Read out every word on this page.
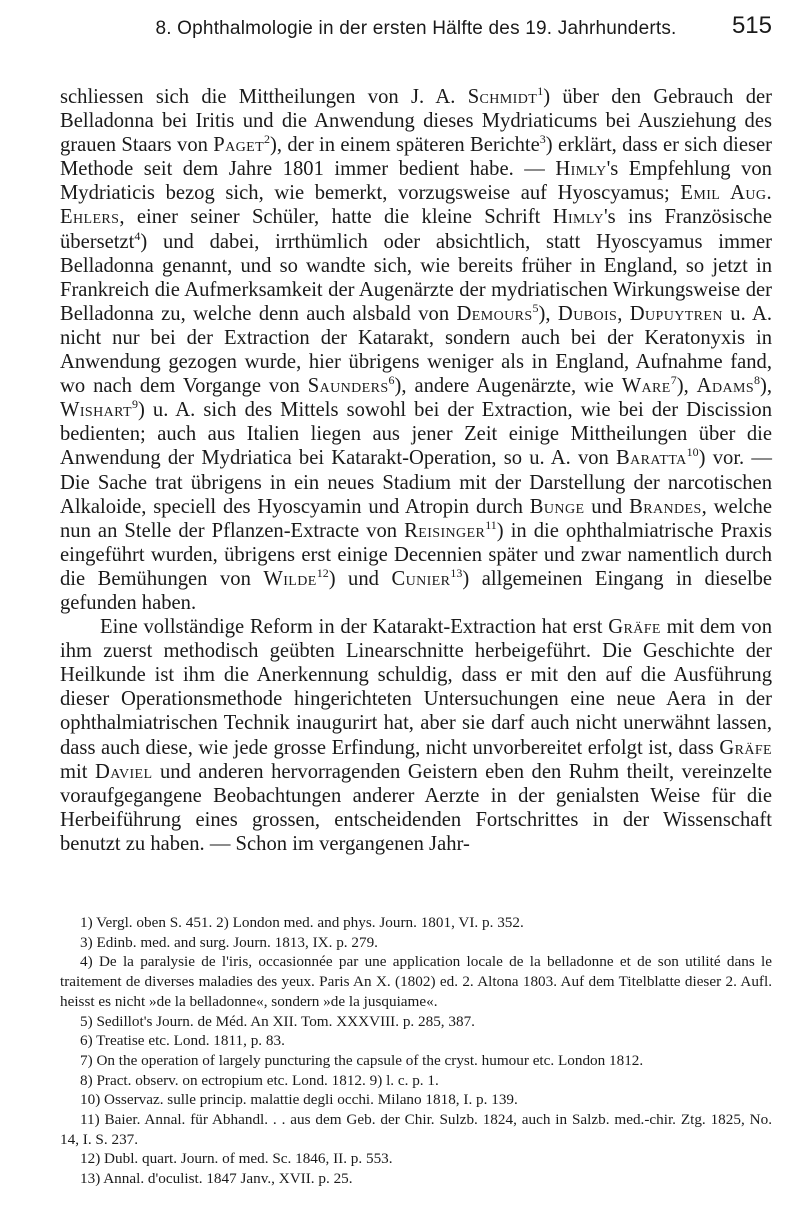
8. Ophthalmologie in der ersten Hälfte des 19. Jahrhunderts.	515

schliessen sich die Mittheilungen von J. A. Schmidt$^1$) über den Gebrauch der Belladonna bei Iritis und die Anwendung dieses Mydriaticums bei Ausziehung des grauen Staars von Paget$^2$), der in einem späteren Berichte$^3$) erklärt, dass er sich dieser Methode seit dem Jahre 1801 immer bedient habe. — Himly's Empfehlung von Mydriaticis bezog sich, wie bemerkt, vorzugsweise auf Hyoscyamus; Emil Aug. Ehlers, einer seiner Schüler, hatte die kleine Schrift Himly's ins Französische übersetzt$^4$) und dabei, irrthümlich oder absichtlich, statt Hyoscyamus immer Belladonna genannt, und so wandte sich, wie bereits früher in England, so jetzt in Frankreich die Aufmerksamkeit der Augenärzte der mydriatischen Wirkungsweise der Belladonna zu, welche denn auch alsbald von Demours$^5$), Dubois, Dupuytren u. A. nicht nur bei der Extraction der Katarakt, sondern auch bei der Keratonyxis in Anwendung gezogen wurde, hier übrigens weniger als in England, Aufnahme fand, wo nach dem Vorgange von Saunders$^6$), andere Augenärzte, wie Ware$^7$), Adams$^8$), Wishart$^9$) u. A. sich des Mittels sowohl bei der Extraction, wie bei der Discission bedienten; auch aus Italien liegen aus jener Zeit einige Mittheilungen über die Anwendung der Mydriatica bei Katarakt-Operation, so u. A. von Baratta$^{10}$) vor. — Die Sache trat übrigens in ein neues Stadium mit der Darstellung der narcotischen Alkaloide, speciell des Hyoscyamin und Atropin durch Bunge und Brandes, welche nun an Stelle der Pflanzen-Extracte von Reisinger$^{11}$) in die ophthalmiatrische Praxis eingeführt wurden, übrigens erst einige Decennien später und zwar namentlich durch die Bemühungen von Wilde$^{12}$) und Cunier$^{13}$) allgemeinen Eingang in dieselbe gefunden haben.

Eine vollständige Reform in der Katarakt-Extraction hat erst Gräfe mit dem von ihm zuerst methodisch geübten Linearschnitte herbeigeführt. Die Geschichte der Heilkunde ist ihm die Anerkennung schuldig, dass er mit den auf die Ausführung dieser Operationsmethode hingerichteten Untersuchungen eine neue Aera in der ophthalmiatrischen Technik inaugurirt hat, aber sie darf auch nicht unerwähnt lassen, dass auch diese, wie jede grosse Erfindung, nicht unvorbereitet erfolgt ist, dass Gräfe mit Daviel und anderen hervorragenden Geistern eben den Ruhm theilt, vereinzelte voraufgegangene Beobachtungen anderer Aerzte in der genialsten Weise für die Herbeiführung eines grossen, entscheidenden Fortschrittes in der Wissenschaft benutzt zu haben. — Schon im vergangenen Jahr-

1) Vergl. oben S. 451. 2) London med. and phys. Journ. 1801, VI. p. 352.

3) Edinb. med. and surg. Journ. 1813, IX. p. 279.

4) De la paralysie de l'iris, occasionnée par une application locale de la belladonne et de son utilité dans le traitement de diverses maladies des yeux. Paris An X. (1802) ed. 2. Altona 1803. Auf dem Titelblatte dieser 2. Aufl. heisst es nicht »de la belladonne«, sondern »de la jusquiame«.

5) Sedillot's Journ. de Méd. An XII. Tom. XXXVIII. p. 285, 387.

6) Treatise etc. Lond. 1811, p. 83.

7) On the operation of largely puncturing the capsule of the cryst. humour etc. London 1812.

8) Pract. observ. on ectropium etc. Lond. 1812. 9) l. c. p. 1.

10) Osservaz. sulle princip. malattie degli occhi. Milano 1818, I. p. 139.

11) Baier. Annal. für Abhandl. . . aus dem Geb. der Chir. Sulzb. 1824, auch in Salzb. med.-chir. Ztg. 1825, No. 14, I. S. 237.

12) Dubl. quart. Journ. of med. Sc. 1846, II. p. 553.

13) Annal. d'oculist. 1847 Janv., XVII. p. 25.
